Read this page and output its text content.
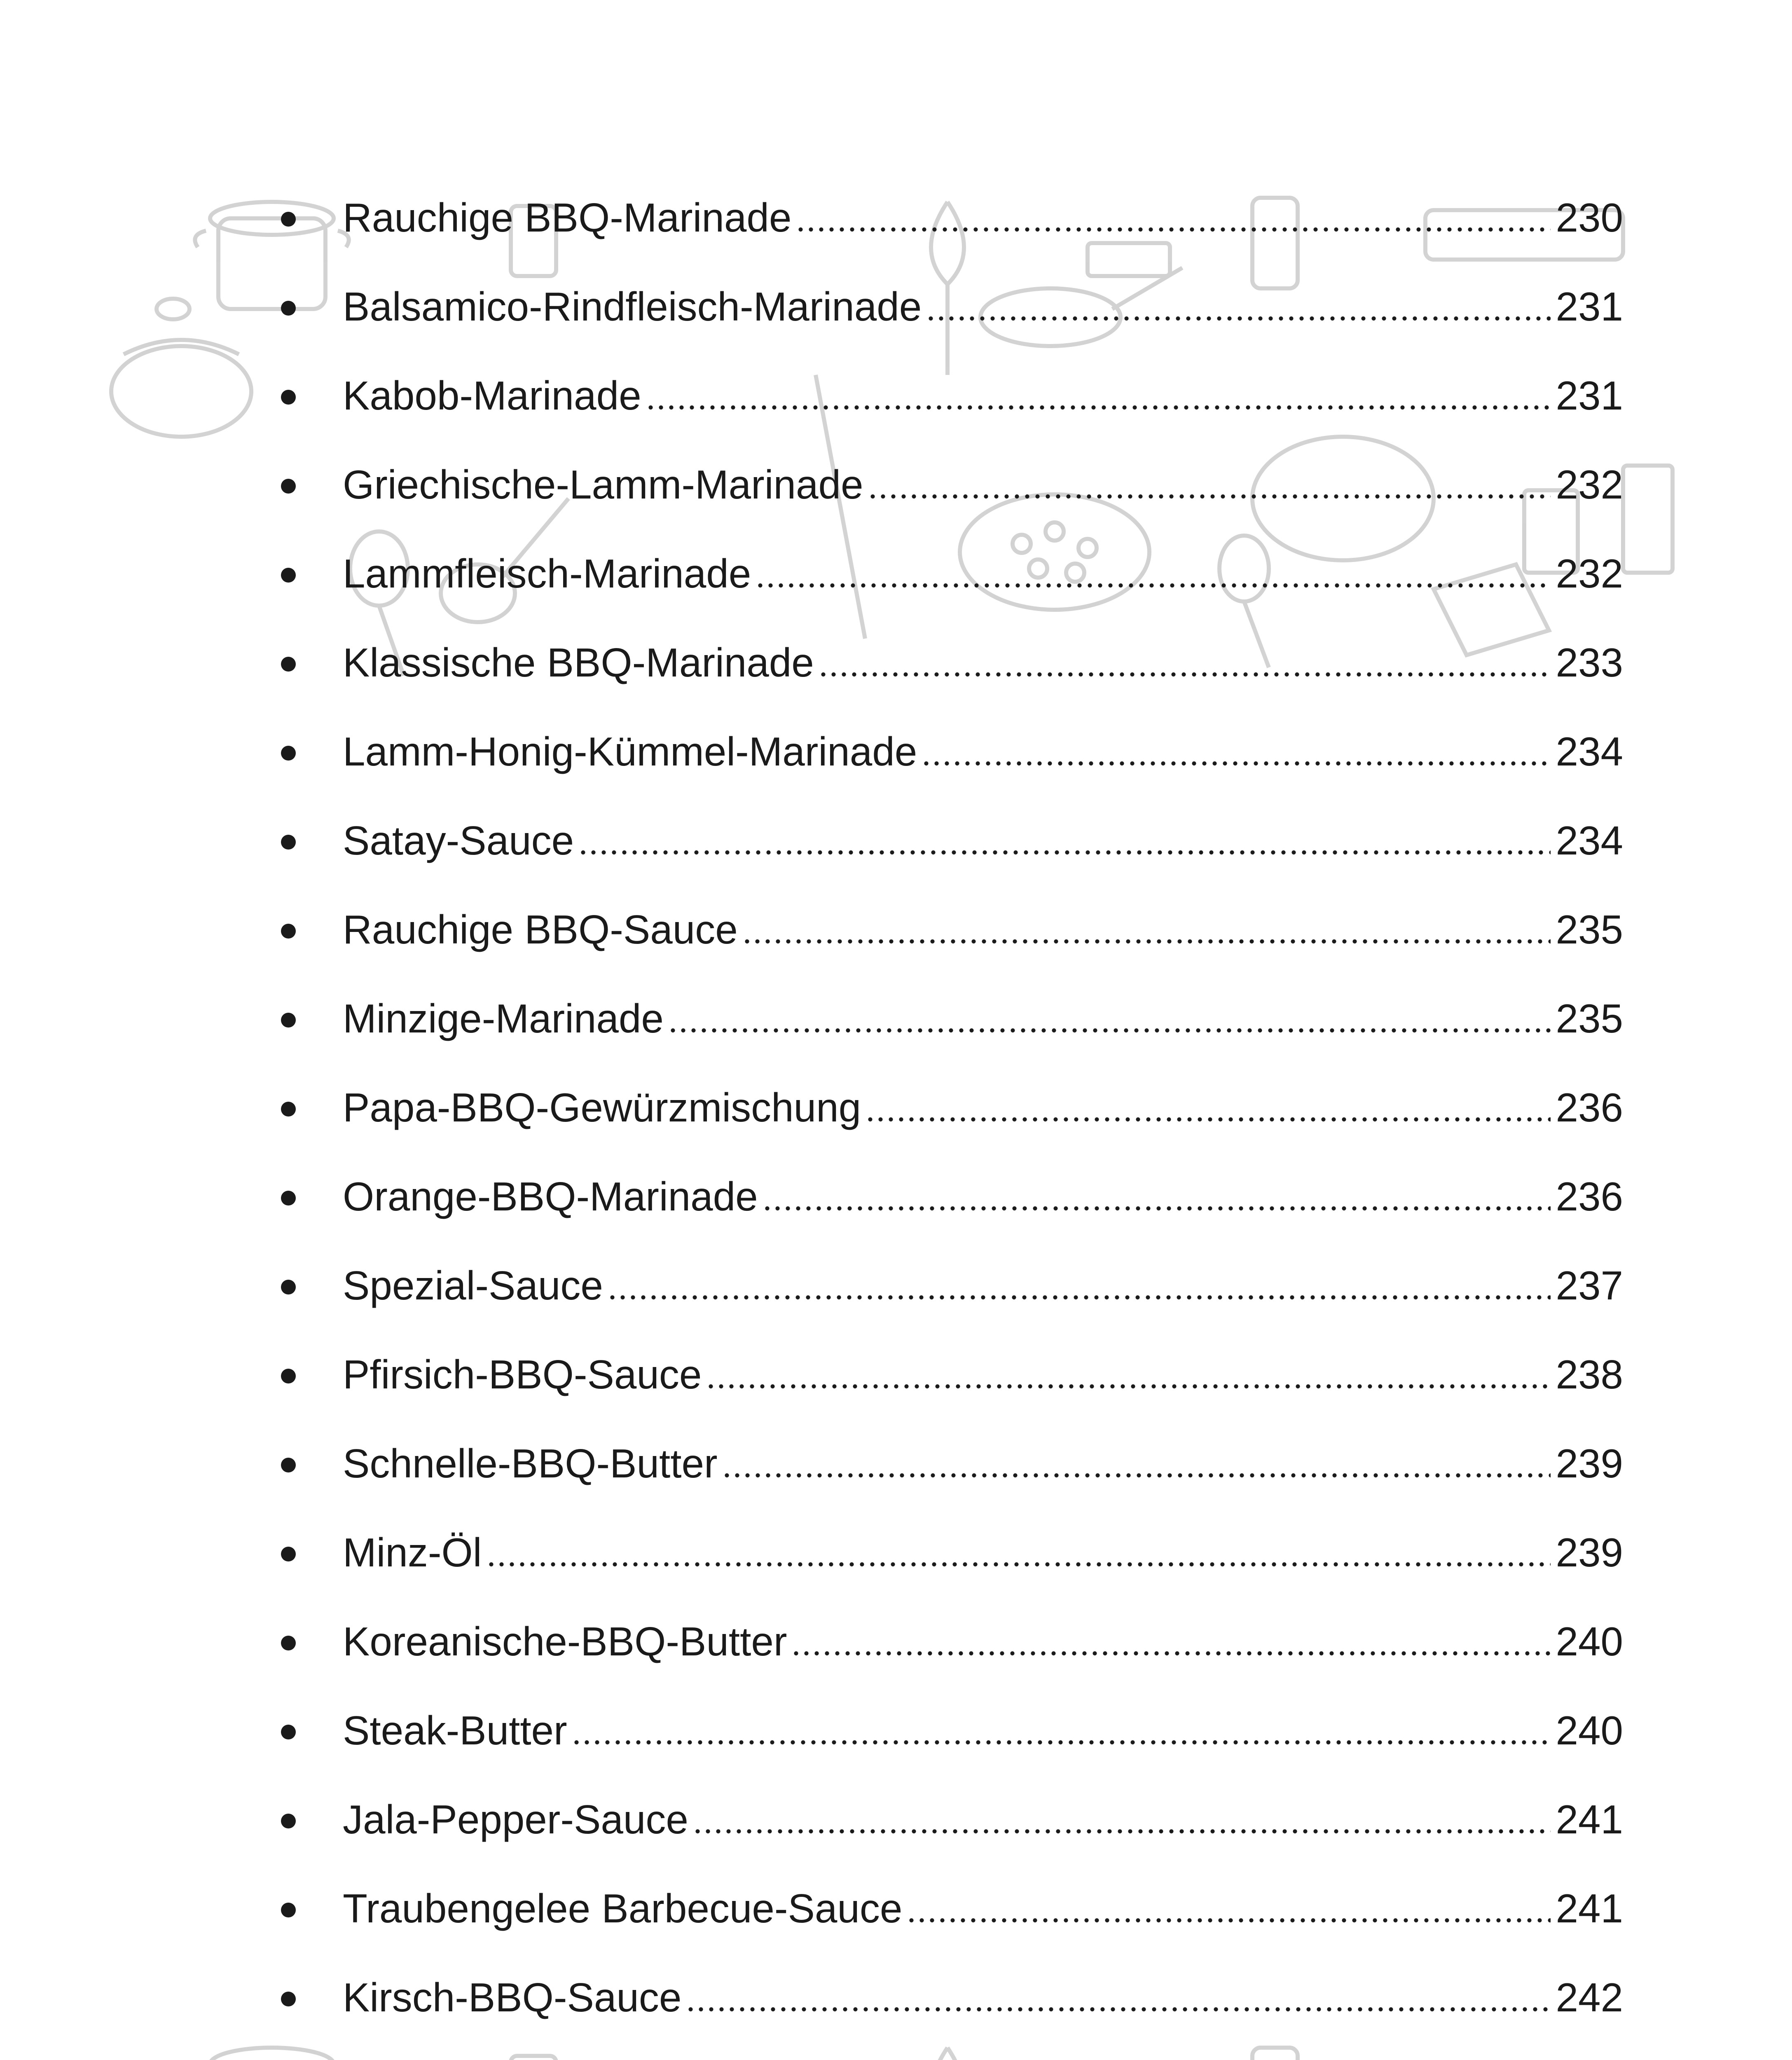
Rauchige BBQ-Marinade	230
Balsamico-Rindfleisch-Marinade	231
Kabob-Marinade	231
Griechische-Lamm-Marinade	232
Lammfleisch-Marinade	232
Klassische BBQ-Marinade	233
Lamm-Honig-Kümmel-Marinade	234
Satay-Sauce	234
Rauchige BBQ-Sauce	235
Minzige-Marinade	235
Papa-BBQ-Gewürzmischung	236
Orange-BBQ-Marinade	236
Spezial-Sauce	237
Pfirsich-BBQ-Sauce	238
Schnelle-BBQ-Butter	239
Minz-Öl	239
Koreanische-BBQ-Butter	240
Steak-Butter	240
Jala-Pepper-Sauce	241
Traubengelee Barbecue-Sauce	241
Kirsch-BBQ-Sauce	242
